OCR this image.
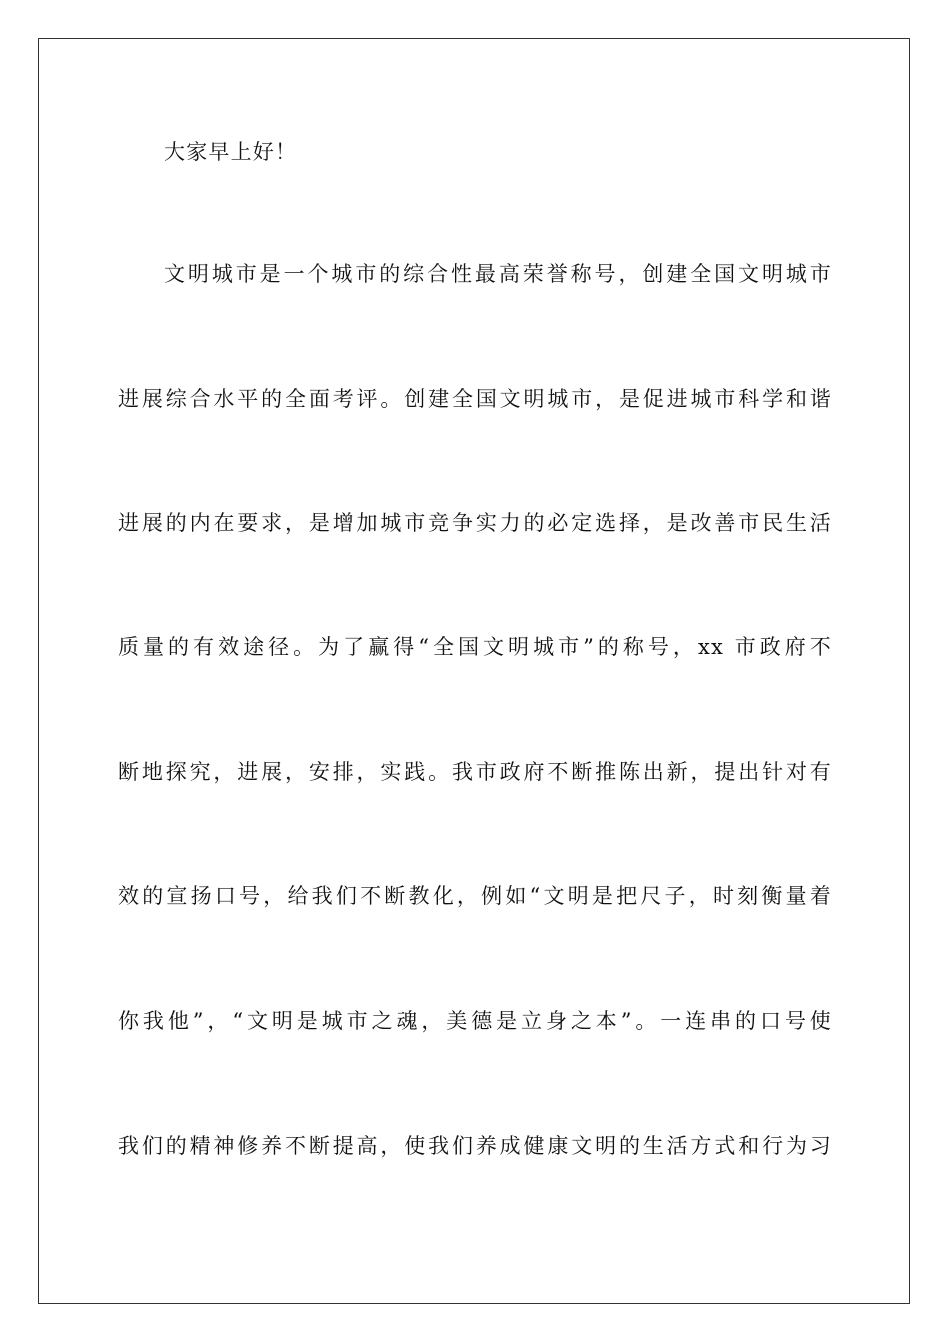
大家早上好！
文明城市是一个城市的综合性最高荣誉称号，创建全国文明城市
进展综合水平的全面考评。创建全国文明城市，是促进城市科学和谐
进展的内在要求，是增加城市竞争实力的必定选择，是改善市民生活
质量的有效途径。为了赢得“全国文明城市”的称号，xx 市政府不
断地探究，进展，安排，实践。我市政府不断推陈出新，提出针对有
效的宣扬口号，给我们不断教化，例如“文明是把尺子，时刻衡量着
你我他”，“文明是城市之魂，美德是立身之本”。一连串的口号使
我们的精神修养不断提高，使我们养成健康文明的生活方式和行为习
